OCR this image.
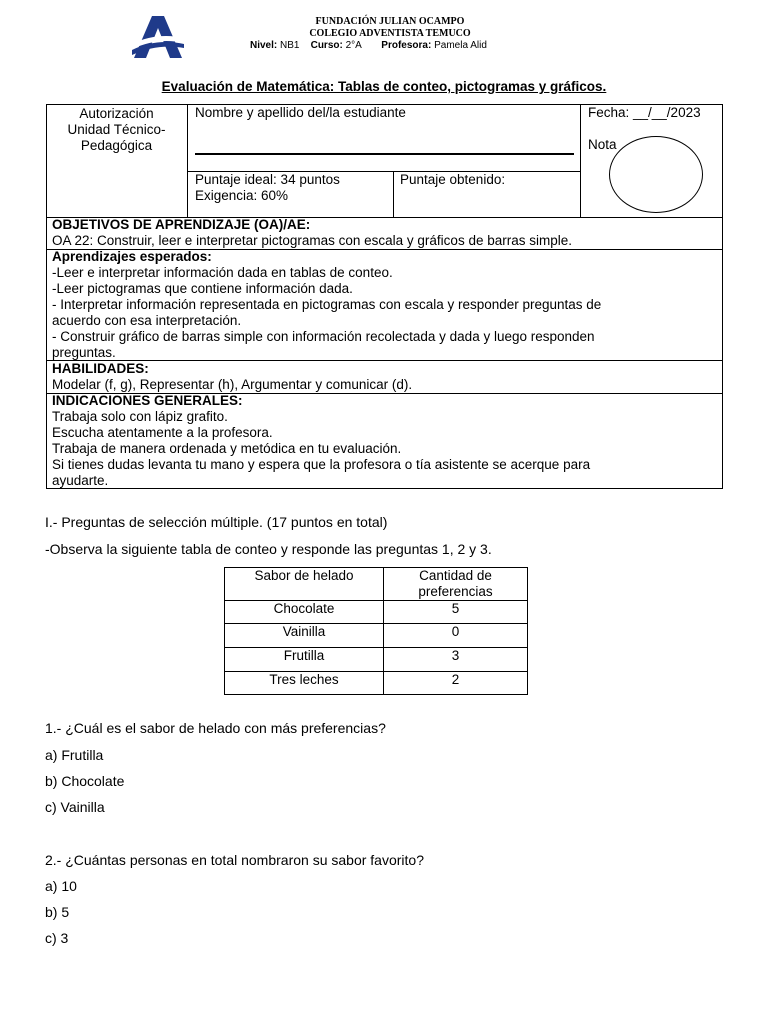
FUNDACIÓN JULIAN OCAMPO
COLEGIO ADVENTISTA TEMUCO
Nivel: NB1 Curso: 2°A Profesora: Pamela Alid
Evaluación de Matemática: Tablas de conteo, pictogramas y gráficos.
Autorización
Unidad Técnico-
Pedagógica
Nombre y apellido del/la estudiante
Puntaje ideal: 34 puntos
Exigencia: 60%
Puntaje obtenido:
Fecha: __/__/2023
Nota
OBJETIVOS DE APRENDIZAJE (OA)/AE:
OA 22: Construir, leer e interpretar pictogramas con escala y gráficos de barras simple.
Aprendizajes esperados:
-Leer e interpretar información dada en tablas de conteo.
-Leer pictogramas que contiene información dada.
- Interpretar información representada en pictogramas con escala y responder preguntas de
acuerdo con esa interpretación.
- Construir gráfico de barras simple con información recolectada y dada y luego responden
preguntas.
HABILIDADES:
Modelar (f, g), Representar (h), Argumentar y comunicar (d).
INDICACIONES GENERALES:
Trabaja solo con lápiz grafito.
Escucha atentamente a la profesora.
Trabaja de manera ordenada y metódica en tu evaluación.
Si tienes dudas levanta tu mano y espera que la profesora o tía asistente se acerque para
ayudarte.
I.- Preguntas de selección múltiple. (17 puntos en total)
-Observa la siguiente tabla de conteo y responde las preguntas 1, 2 y 3.
Sabor de helado	Cantidad de
preferencias
Chocolate	5
Vainilla	0
Frutilla	3
Tres leches	2
1.- ¿Cuál es el sabor de helado con más preferencias?
a) Frutilla
b) Chocolate
c) Vainilla
2.- ¿Cuántas personas en total nombraron su sabor favorito?
a) 10
b) 5
c) 3
